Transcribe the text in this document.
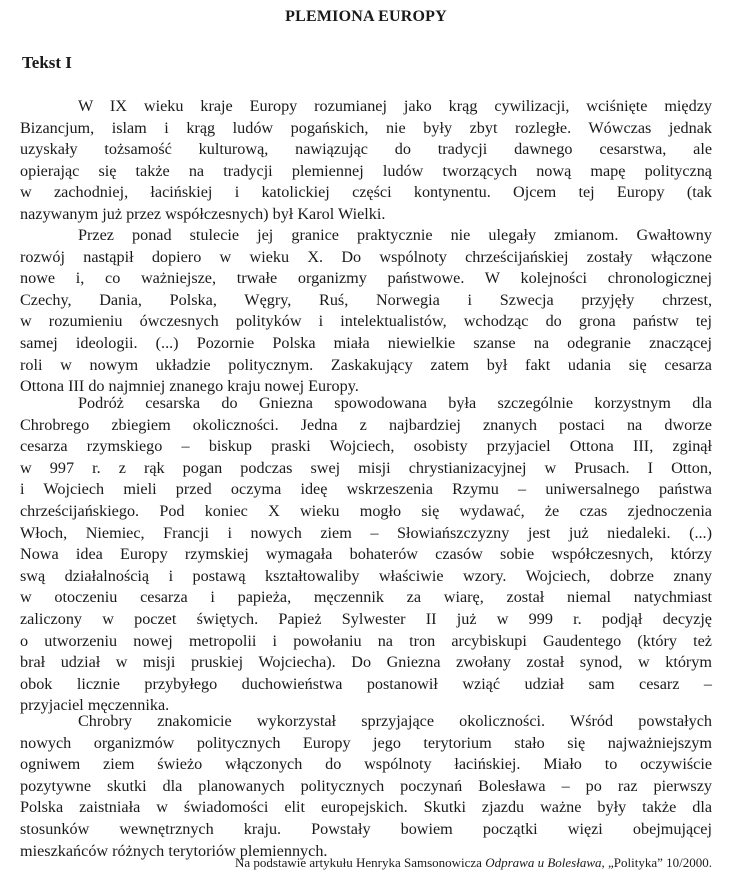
PLEMIONA EUROPY
Tekst I
W IX wieku kraje Europy rozumianej jako krąg cywilizacji, wciśnięte między
Bizancjum, islam i krąg ludów pogańskich, nie były zbyt rozległe. Wówczas jednak
uzyskały tożsamość kulturową, nawiązując do tradycji dawnego cesarstwa, ale
opierając się także na tradycji plemiennej ludów tworzących nową mapę polityczną
w zachodniej, łacińskiej i katolickiej części kontynentu. Ojcem tej Europy (tak
nazywanym już przez współczesnych) był Karol Wielki.
Przez ponad stulecie jej granice praktycznie nie ulegały zmianom. Gwałtowny
rozwój nastąpił dopiero w wieku X. Do wspólnoty chrześcijańskiej zostały włączone
nowe i, co ważniejsze, trwałe organizmy państwowe. W kolejności chronologicznej
Czechy, Dania, Polska, Węgry, Ruś, Norwegia i Szwecja przyjęły chrzest,
w rozumieniu ówczesnych polityków i intelektualistów, wchodząc do grona państw tej
samej ideologii. (...) Pozornie Polska miała niewielkie szanse na odegranie znaczącej
roli w nowym układzie politycznym. Zaskakujący zatem był fakt udania się cesarza
Ottona III do najmniej znanego kraju nowej Europy.
Podróż cesarska do Gniezna spowodowana była szczególnie korzystnym dla
Chrobrego zbiegiem okoliczności. Jedna z najbardziej znanych postaci na dworze
cesarza rzymskiego – biskup praski Wojciech, osobisty przyjaciel Ottona III, zginął
w 997 r. z rąk pogan podczas swej misji chrystianizacyjnej w Prusach. I Otton,
i Wojciech mieli przed oczyma ideę wskrzeszenia Rzymu – uniwersalnego państwa
chrześcijańskiego. Pod koniec X wieku mogło się wydawać, że czas zjednoczenia
Włoch, Niemiec, Francji i nowych ziem – Słowiańszczyzny jest już niedaleki. (...)
Nowa idea Europy rzymskiej wymagała bohaterów czasów sobie współczesnych, którzy
swą działalnością i postawą kształtowaliby właściwie wzory. Wojciech, dobrze znany
w otoczeniu cesarza i papieża, męczennik za wiarę, został niemal natychmiast
zaliczony w poczet świętych. Papież Sylwester II już w 999 r. podjął decyzję
o utworzeniu nowej metropolii i powołaniu na tron arcybiskupi Gaudentego (który też
brał udział w misji pruskiej Wojciecha). Do Gniezna zwołany został synod, w którym
obok licznie przybyłego duchowieństwa postanowił wziąć udział sam cesarz –
przyjaciel męczennika.
Chrobry znakomicie wykorzystał sprzyjające okoliczności. Wśród powstałych
nowych organizmów politycznych Europy jego terytorium stało się najważniejszym
ogniwem ziem świeżo włączonych do wspólnoty łacińskiej. Miało to oczywiście
pozytywne skutki dla planowanych politycznych poczynań Bolesława – po raz pierwszy
Polska zaistniała w świadomości elit europejskich. Skutki zjazdu ważne były także dla
stosunków wewnętrznych kraju. Powstały bowiem początki więzi obejmującej
mieszkańców różnych terytoriów plemiennych.
Na podstawie artykułu Henryka Samsonowicza Odprawa u Bolesława, „Polityka” 10/2000.
